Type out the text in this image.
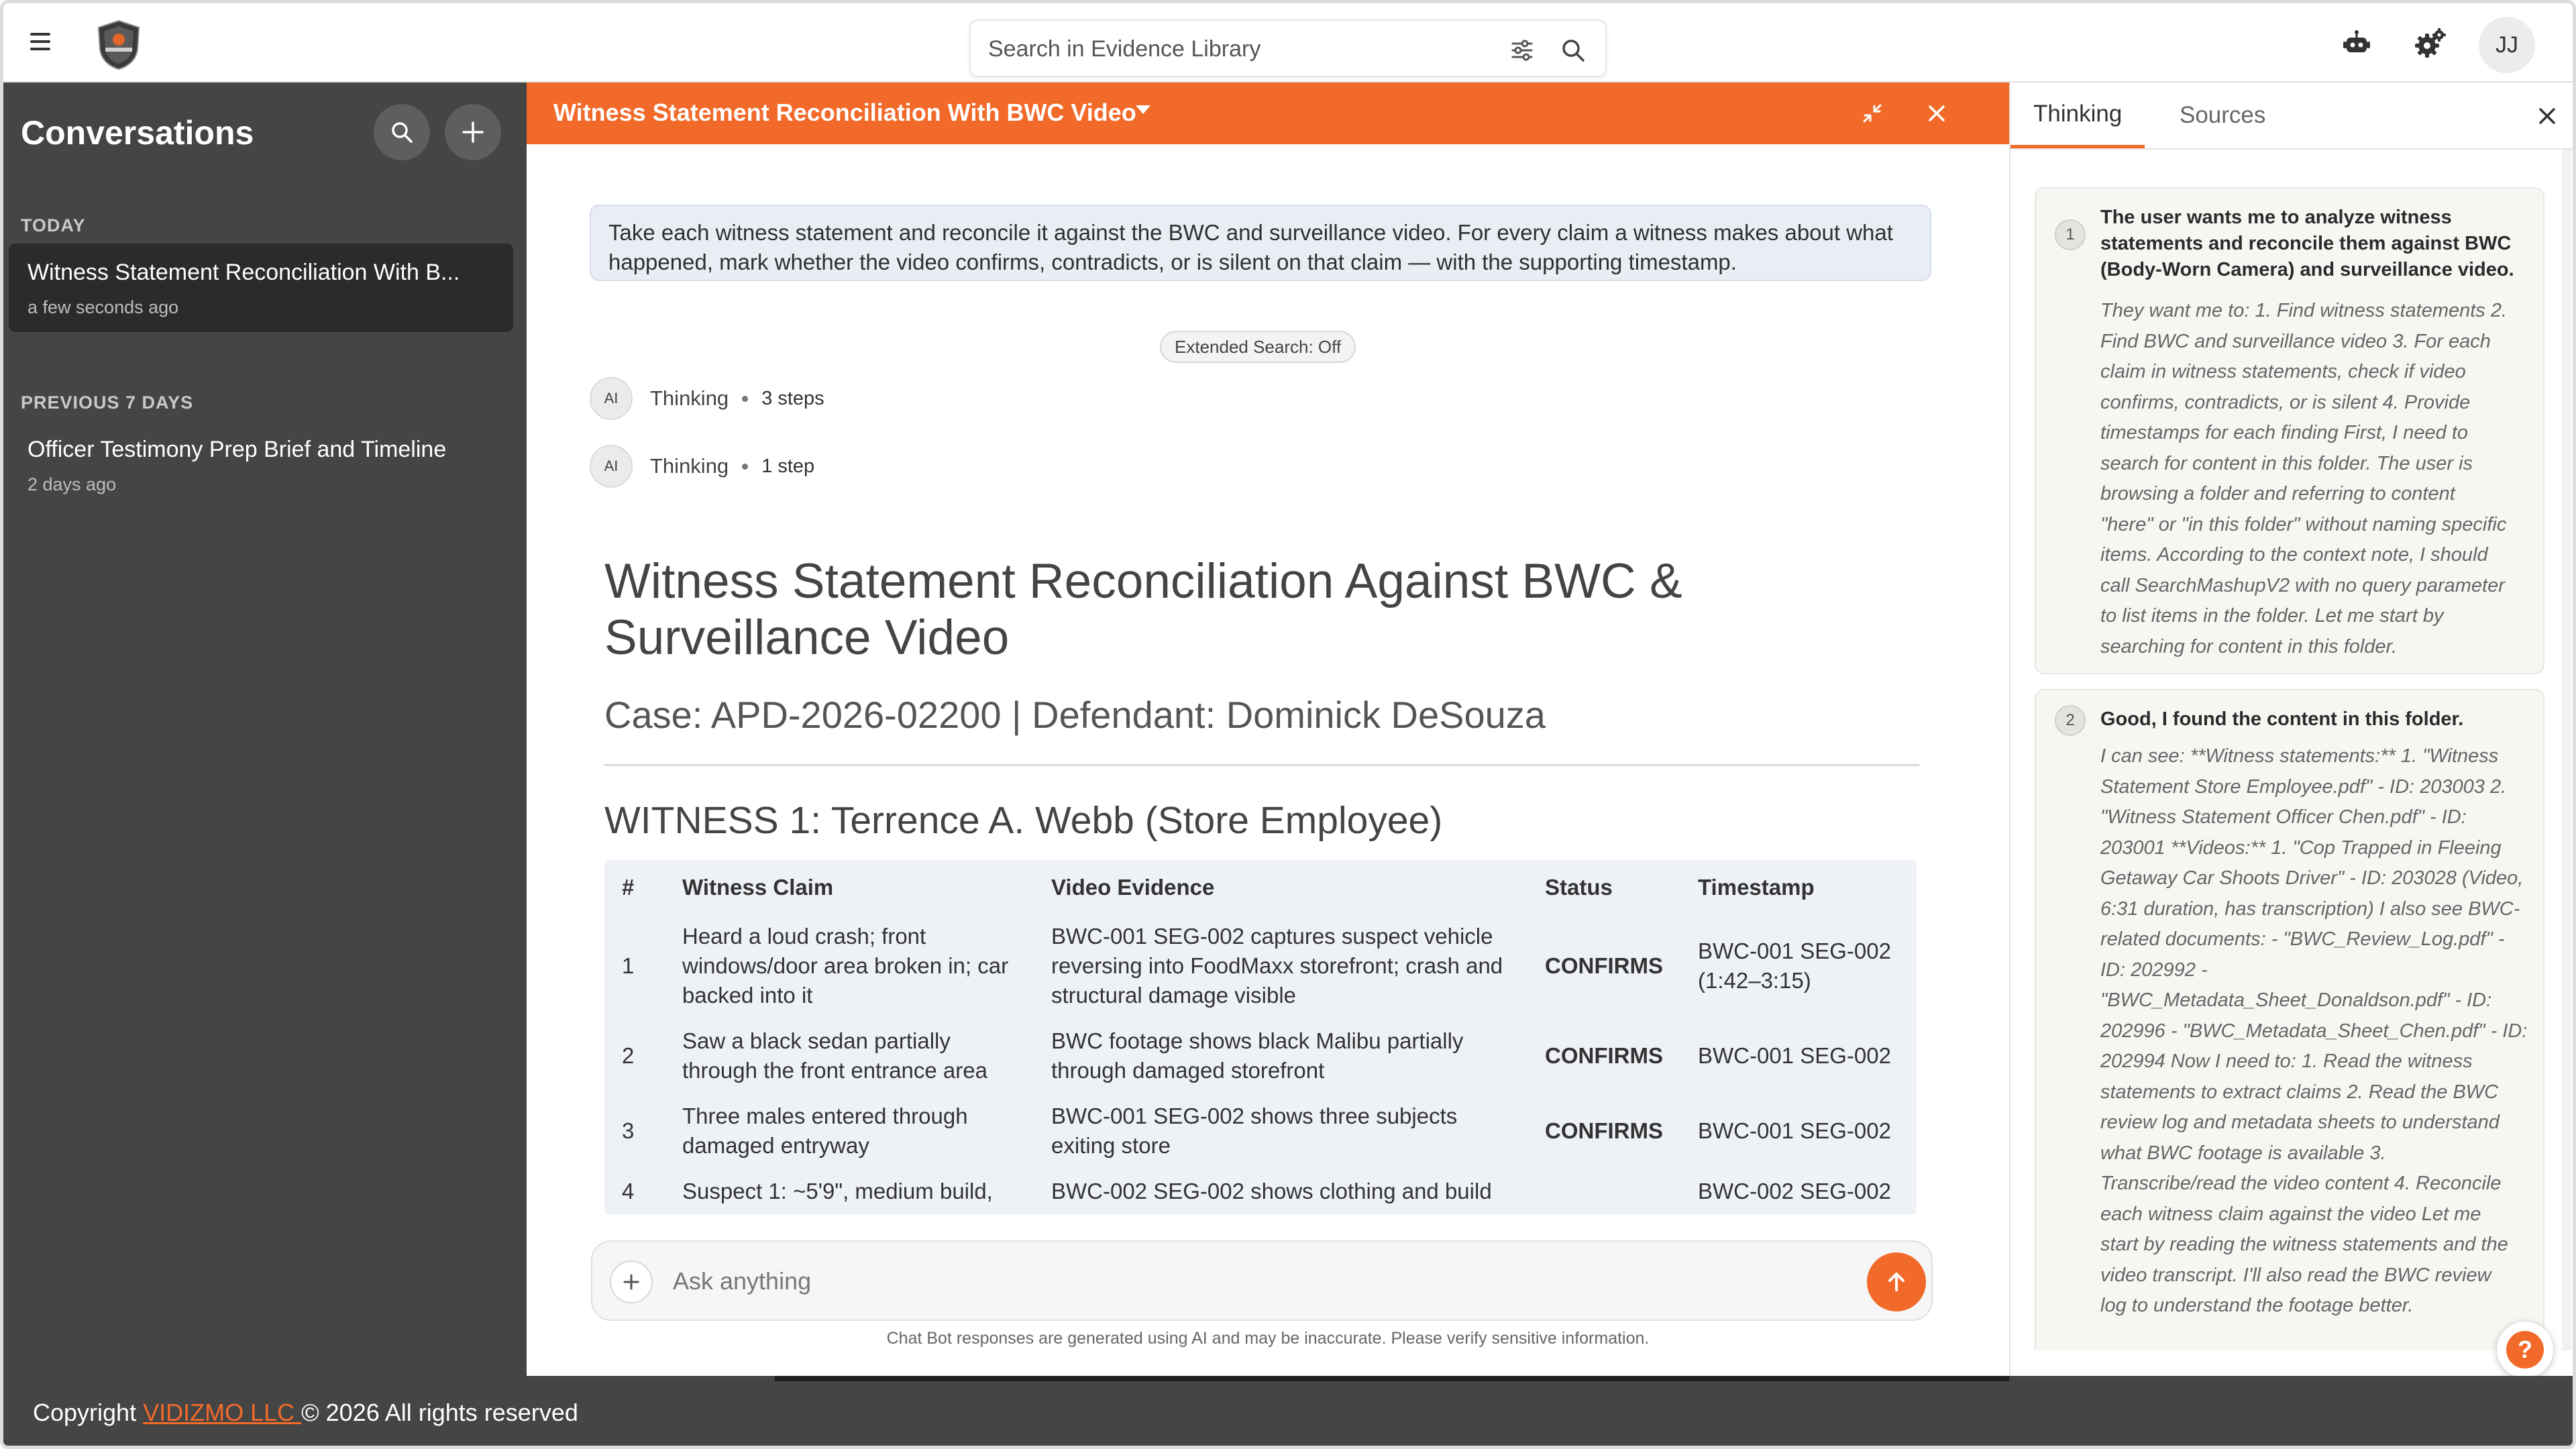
Search in Evidence Library
JJ
Conversations
TODAY
Witness Statement Reconciliation With B...
a few seconds ago
PREVIOUS 7 DAYS
Officer Testimony Prep Brief and Timeline
2 days ago
Witness Statement Reconciliation With BWC Video
Take each witness statement and reconcile it against the BWC and surveillance video. For every claim a witness makes about what happened, mark whether the video confirms, contradicts, or is silent on that claim — with the supporting timestamp.
Extended Search: Off
AI	Thinking 3 steps
AI	Thinking 1 step
Witness Statement Reconciliation Against BWC & Surveillance Video
Case: APD-2026-02200 | Defendant: Dominick DeSouza
WITNESS 1: Terrence A. Webb (Store Employee)
#	Witness Claim	Video Evidence	Status	Timestamp
1	Heard a loud crash; front windows/door area broken in; car backed into it	BWC-001 SEG-002 captures suspect vehicle reversing into FoodMaxx storefront; crash and structural damage visible	CONFIRMS	BWC-001 SEG-002 (1:42–3:15)
2	Saw a black sedan partially through the front entrance area	BWC footage shows black Malibu partially through damaged storefront	CONFIRMS	BWC-001 SEG-002
3	Three males entered through damaged entryway	BWC-001 SEG-002 shows three subjects exiting store	CONFIRMS	BWC-001 SEG-002
4	Suspect 1: ~5'9", medium build,	BWC-002 SEG-002 shows clothing and build		BWC-002 SEG-002
Ask anything
Chat Bot responses are generated using AI and may be inaccurate. Please verify sensitive information.
Thinking	Sources
1
The user wants me to analyze witness statements and reconcile them against BWC (Body-Worn Camera) and surveillance video.
They want me to: 1. Find witness statements 2.
Find BWC and surveillance video 3. For each
claim in witness statements, check if video
confirms, contradicts, or is silent 4. Provide
timestamps for each finding First, I need to
search for content in this folder. The user is
browsing a folder and referring to content
"here" or "in this folder" without naming specific
items. According to the context note, I should
call SearchMashupV2 with no query parameter
to list items in the folder. Let me start by
searching for content in this folder.
2	Good, I found the content in this folder.
I can see: **Witness statements:** 1. "Witness
Statement Store Employee.pdf" - ID: 203003 2.
"Witness Statement Officer Chen.pdf" - ID:
203001 **Videos:** 1. "Cop Trapped in Fleeing
Getaway Car Shoots Driver" - ID: 203028 (Video,
6:31 duration, has transcription) I also see BWC-
related documents: - "BWC_Review_Log.pdf" -
ID: 202992 -
"BWC_Metadata_Sheet_Donaldson.pdf" - ID:
202996 - "BWC_Metadata_Sheet_Chen.pdf" - ID:
202994 Now I need to: 1. Read the witness
statements to extract claims 2. Read the BWC
review log and metadata sheets to understand
what BWC footage is available 3.
Transcribe/read the video content 4. Reconcile
each witness claim against the video Let me
start by reading the witness statements and the
video transcript. I'll also read the BWC review
log to understand the footage better.
?
Copyright VIDIZMO LLC © 2026 All rights reserved
